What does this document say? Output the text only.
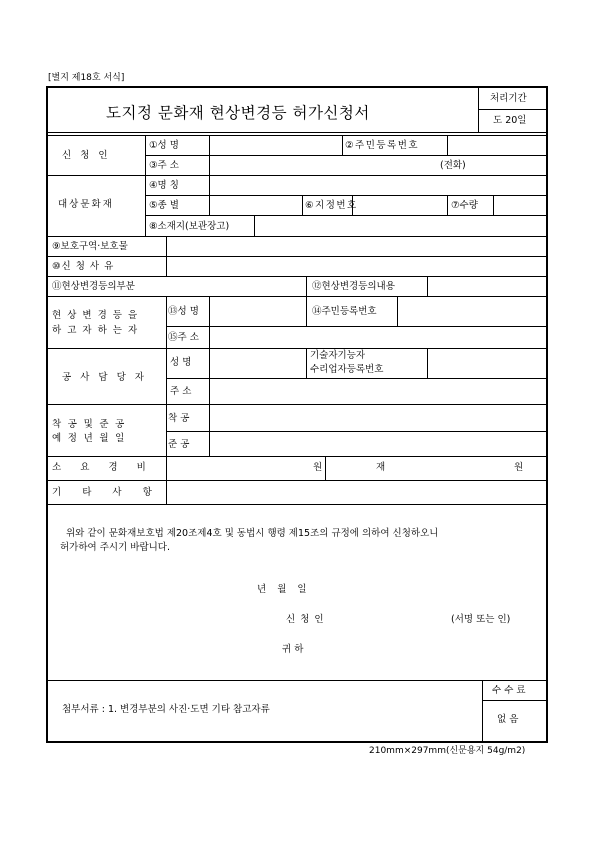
[별지 제18호 서식]
도지정 문화재 현상변경등 허가신청서
처리기간
도 20일
신 청 인
①성 명	②주민등록번호
③주 소	(전화)
대상문화재
④명 칭
⑤종 별	⑥지정번호	⑦수량
⑧소재지(보관장고)
⑨보호구역·보호물
⑩신 청 사 유
⑪현상변경등의부분	⑫현상변경등의내용
현 상 변 경 등 을
하 고 자 하 는 자
⑬성 명	⑭주민등록번호
⑮주 소
공 사 담 당 자
성 명
기술자기능자
수리업자등록번호
주 소
착 공 및 준 공
예 정 년 월 일
착 공
준 공
소 요 경 비	원	재	원
기 타 사 항
위와 같이 문화재보호법 제20조제4호 및 동법시 행령 제15조의 규정에 의하여 신청하오니
허가하여 주시기 바랍니다.
년 월 일
신 청 인	(서명 또는 인)
귀 하
수 수 료
없 음
첨부서류 : 1. 변경부분의 사진·도면 기타 참고자류
210mm×297mm(신문용지 54g/m2)
